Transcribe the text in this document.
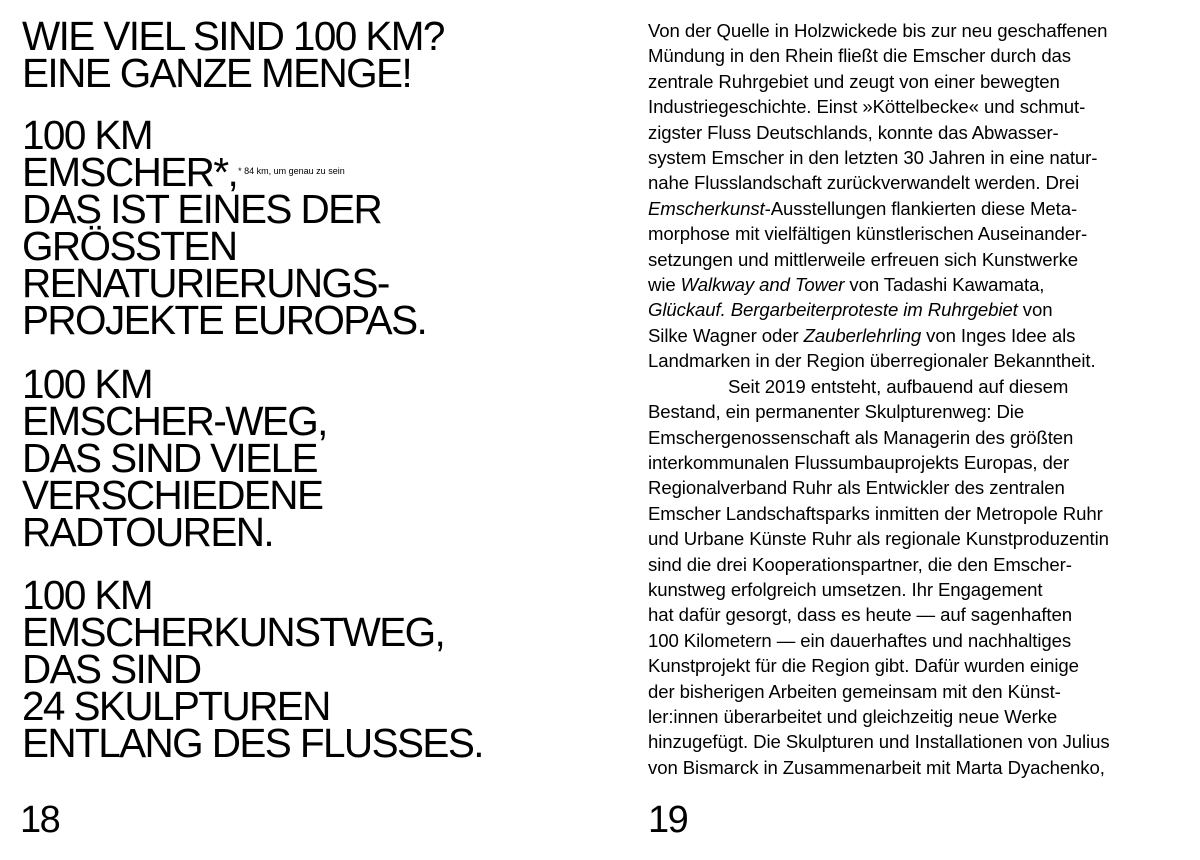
WIE VIEL SIND 100 KM?
EINE GANZE MENGE!
100 KM
EMSCHER*,$^{* 84 km, um genau zu sein}$
DAS IST EINES DER
GRÖSSTEN
RENATURIERUNGS-
PROJEKTE EUROPAS.
100 KM
EMSCHER-WEG,
DAS SIND VIELE
VERSCHIEDENE
RADTOUREN.
100 KM
EMSCHERKUNSTWEG,
DAS SIND
24 SKULPTUREN
ENTLANG DES FLUSSES.
18
Von der Quelle in Holzwickede bis zur neu geschaffenen
Mündung in den Rhein fließt die Emscher durch das
zentrale Ruhrgebiet und zeugt von einer bewegten
Industriegeschichte. Einst »Köttelbecke« und schmut-
zigster Fluss Deutschlands, konnte das Abwasser-
system Emscher in den letzten 30 Jahren in eine natur-
nahe Flusslandschaft zurückverwandelt werden. Drei
Emscherkunst-Ausstellungen flankierten diese Meta-
morphose mit vielfältigen künstlerischen Auseinander-
setzungen und mittlerweile erfreuen sich Kunstwerke
wie Walkway and Tower von Tadashi Kawamata,
Glückauf. Bergarbeiterproteste im Ruhrgebiet von
Silke Wagner oder Zauberlehrling von Inges Idee als
Landmarken in der Region überregionaler Bekanntheit.
Seit 2019 entsteht, aufbauend auf diesem
Bestand, ein permanenter Skulpturenweg: Die
Emschergenossenschaft als Managerin des größten
interkommunalen Flussumbauprojekts Europas, der
Regionalverband Ruhr als Entwickler des zentralen
Emscher Landschaftsparks inmitten der Metropole Ruhr
und Urbane Künste Ruhr als regionale Kunstproduzentin
sind die drei Kooperationspartner, die den Emscher-
kunstweg erfolgreich umsetzen. Ihr Engagement
hat dafür gesorgt, dass es heute — auf sagenhaften
100 Kilometern — ein dauerhaftes und nachhaltiges
Kunstprojekt für die Region gibt. Dafür wurden einige
der bisherigen Arbeiten gemeinsam mit den Künst-
ler:innen überarbeitet und gleichzeitig neue Werke
hinzugefügt. Die Skulpturen und Installationen von Julius
von Bismarck in Zusammenarbeit mit Marta Dyachenko,
19
